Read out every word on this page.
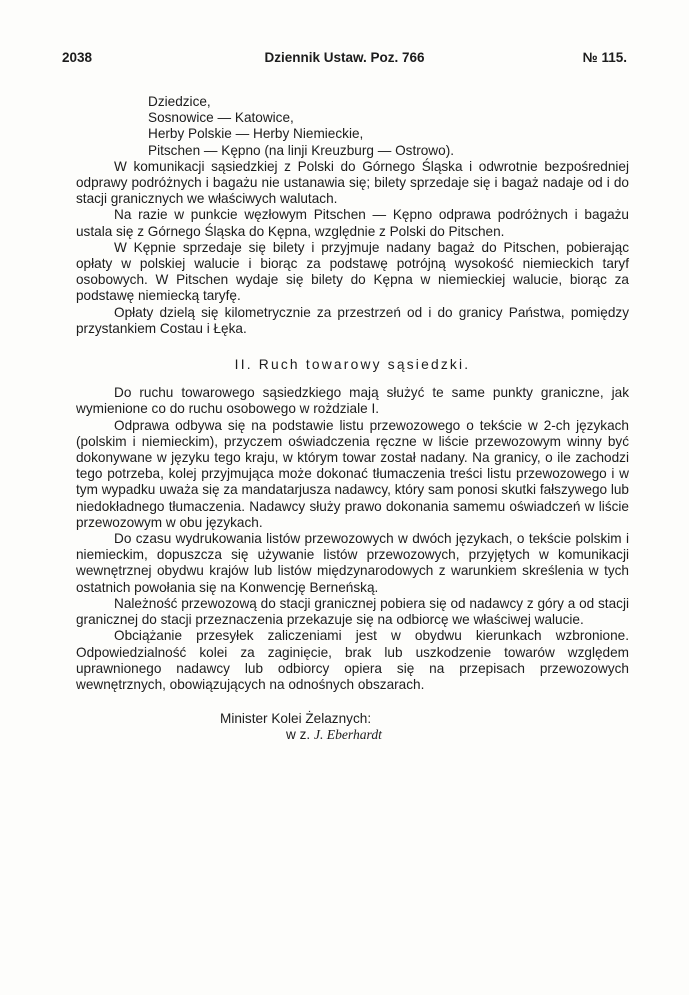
2038	Dziennik Ustaw. Poz. 766	№ 115.
Dziedzice,
Sosnowice — Katowice,
Herby Polskie — Herby Niemieckie,
Pitschen — Kępno (na linji Kreuzburg — Ostrowo).

W komunikacji sąsiedzkiej z Polski do Górnego Śląska i odwrotnie bezpośredniej odprawy podróżnych i bagażu nie ustanawia się; bilety sprzedaje się i bagaż nadaje od i do stacji granicznych we właściwych walutach.

Na razie w punkcie węzłowym Pitschen — Kępno odprawa podróżnych i bagażu ustala się z Górnego Śląska do Kępna, względnie z Polski do Pitschen.

W Kępnie sprzedaje się bilety i przyjmuje nadany bagaż do Pitschen, pobierając opłaty w polskiej walucie i biorąc za podstawę potrójną wysokość niemieckich taryf osobowych. W Pitschen wydaje się bilety do Kępna w niemieckiej walucie, biorąc za podstawę niemiecką taryfę.

Opłaty dzielą się kilometrycznie za przestrzeń od i do granicy Państwa, pomiędzy przystankiem Costau i Łęka.

II. Ruch towarowy sąsiedzki.

Do ruchu towarowego sąsiedzkiego mają służyć te same punkty graniczne, jak wymienione co do ruchu osobowego w rożdziale I.

Odprawa odbywa się na podstawie listu przewozowego o tekście w 2-ch językach (polskim i niemieckim), przyczem oświadczenia ręczne w liście przewozowym winny być dokonywane w języku tego kraju, w którym towar został nadany. Na granicy, o ile zachodzi tego potrzeba, kolej przyjmująca może dokonać tłumaczenia treści listu przewozowego i w tym wypadku uważa się za mandatarjusza nadawcy, który sam ponosi skutki fałszywego lub niedokładnego tłumaczenia. Nadawcy służy prawo dokonania samemu oświadczeń w liście przewozowym w obu językach.

Do czasu wydrukowania listów przewozowych w dwóch językach, o tekście polskim i niemieckim, dopuszcza się używanie listów przewozowych, przyjętych w komunikacji wewnętrznej obydwu krajów lub listów międzynarodowych z warunkiem skreślenia w tych ostatnich powołania się na Konwencję Berneńską.

Należność przewozową do stacji granicznej pobiera się od nadawcy z góry a od stacji granicznej do stacji przeznaczenia przekazuje się na odbiorcę we właściwej walucie.

Obciążanie przesyłek zaliczeniami jest w obydwu kierunkach wzbronione. Odpowiedzialność kolei za zaginięcie, brak lub uszkodzenie towarów względem uprawnionego nadawcy lub odbiorcy opiera się na przepisach przewozowych wewnętrznych, obowiązujących na odnośnych obszarach.

Minister Kolei Żelaznych:
w z. J. Eberhardt
